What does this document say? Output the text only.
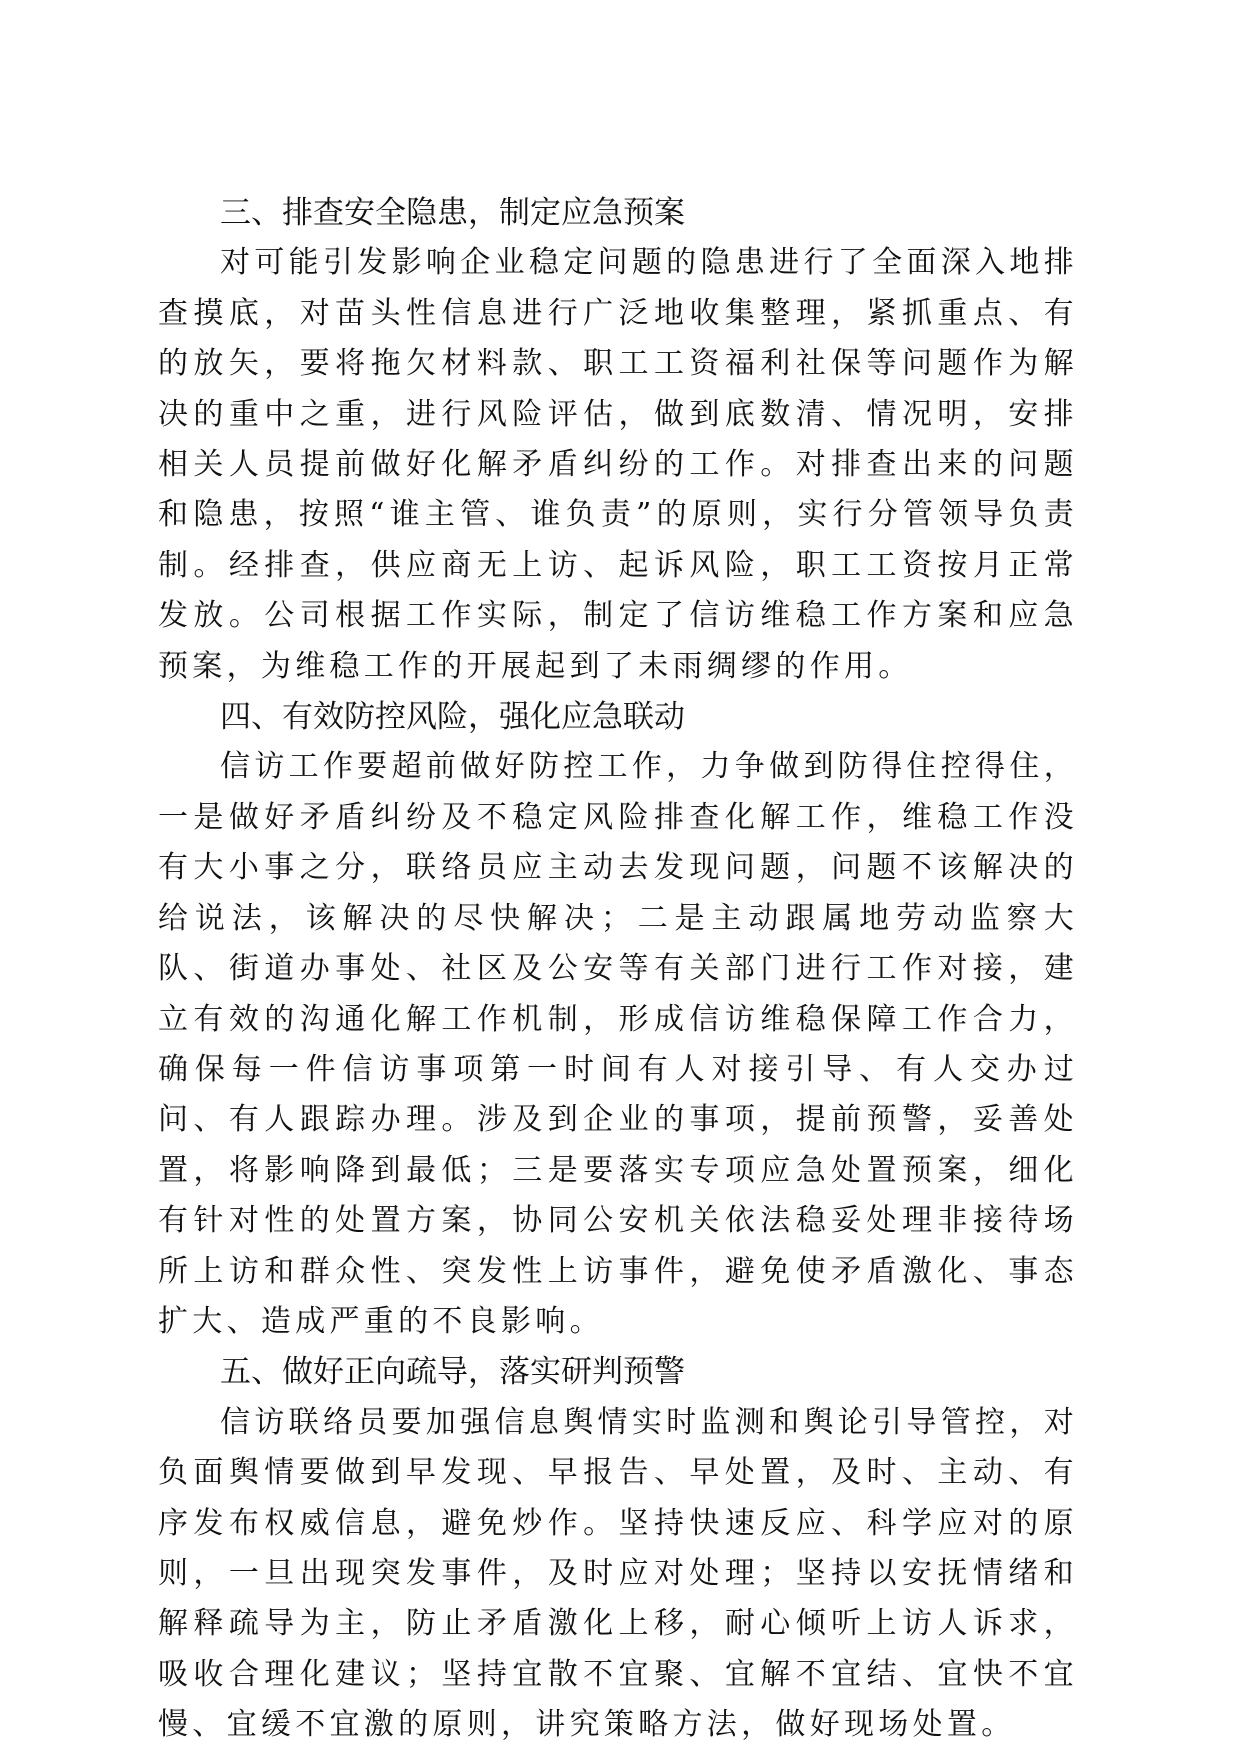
三、排查安全隐患，制定应急预案

对可能引发影响企业稳定问题的隐患进行了全面深入地排查摸底，对苗头性信息进行广泛地收集整理，紧抓重点、有的放矢，要将拖欠材料款、职工工资福利社保等问题作为解决的重中之重，进行风险评估，做到底数清、情况明，安排相关人员提前做好化解矛盾纠纷的工作。对排查出来的问题和隐患，按照“谁主管、谁负责”的原则，实行分管领导负责制。经排查，供应商无上访、起诉风险，职工工资按月正常发放。公司根据工作实际，制定了信访维稳工作方案和应急预案，为维稳工作的开展起到了未雨绸缪的作用。

四、有效防控风险，强化应急联动

信访工作要超前做好防控工作，力争做到防得住控得住，一是做好矛盾纠纷及不稳定风险排查化解工作，维稳工作没有大小事之分，联络员应主动去发现问题，问题不该解决的给说法，该解决的尽快解决；二是主动跟属地劳动监察大队、街道办事处、社区及公安等有关部门进行工作对接，建立有效的沟通化解工作机制，形成信访维稳保障工作合力，确保每一件信访事项第一时间有人对接引导、有人交办过问、有人跟踪办理。涉及到企业的事项，提前预警，妥善处置，将影响降到最低；三是要落实专项应急处置预案，细化有针对性的处置方案，协同公安机关依法稳妥处理非接待场所上访和群众性、突发性上访事件，避免使矛盾激化、事态扩大、造成严重的不良影响。

五、做好正向疏导，落实研判预警

信访联络员要加强信息舆情实时监测和舆论引导管控，对负面舆情要做到早发现、早报告、早处置，及时、主动、有序发布权威信息，避免炒作。坚持快速反应、科学应对的原则，一旦出现突发事件，及时应对处理；坚持以安抚情绪和解释疏导为主，防止矛盾激化上移，耐心倾听上访人诉求，吸收合理化建议；坚持宜散不宜聚、宜解不宜结、宜快不宜慢、宜缓不宜激的原则，讲究策略方法，做好现场处置。
